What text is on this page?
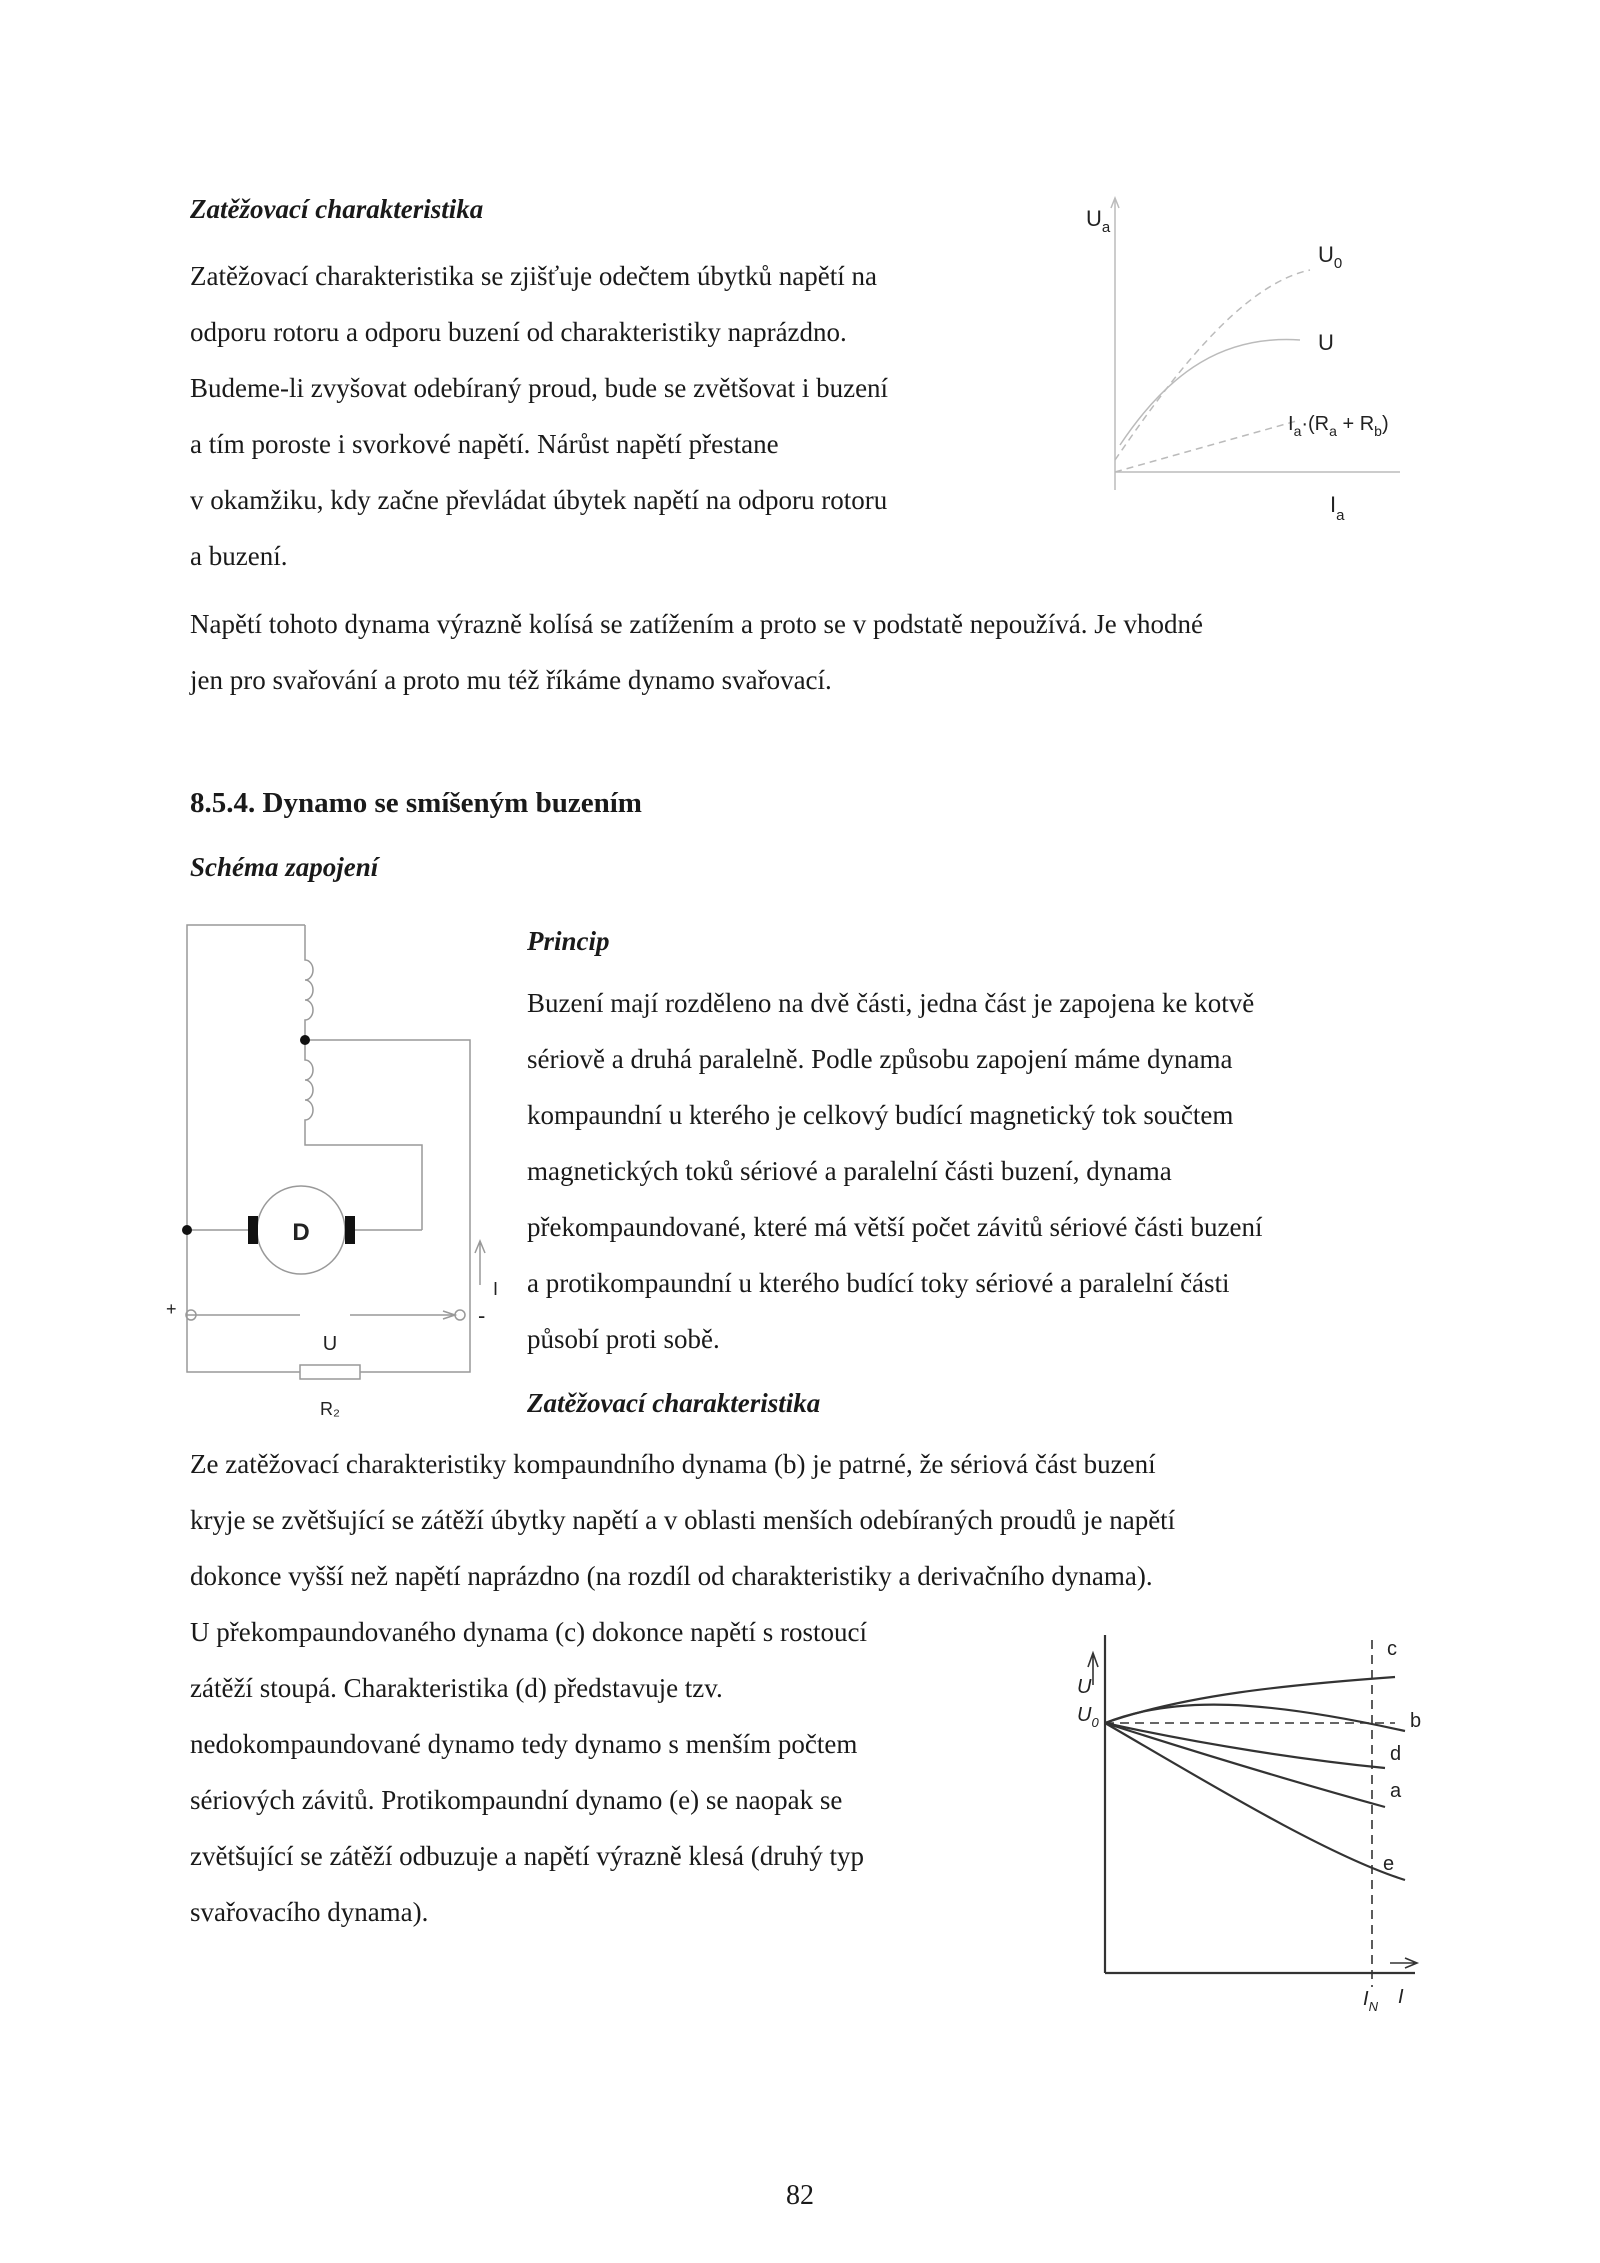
Zatěžovací charakteristika
Zatěžovací charakteristika se zjišťuje odečtem úbytků napětí na
odporu rotoru a odporu buzení od charakteristiky naprázdno.
Budeme-li zvyšovat odebíraný proud, bude se zvětšovat i buzení
a tím poroste i svorkové napětí. Nárůst napětí přestane
v okamžiku, kdy začne převládat úbytek napětí na odporu rotoru
a buzení.
Napětí tohoto dynama výrazně kolísá se zatížením a proto se v podstatě nepoužívá. Je vhodné
jen pro svařování a proto mu též říkáme dynamo svařovací.
$U_a$
$U_0$
U
$I_a\cdot(R_a + R_b)$
$I_a$
8.5.4. Dynamo se smíšeným buzením
Schéma zapojení
D
U
I
+	-
R₂
Princip
Buzení mají rozděleno na dvě části, jedna část je zapojena ke kotvě
sériově a druhá paralelně. Podle způsobu zapojení máme dynama
kompaundní u kterého je celkový budící magnetický tok součtem
magnetických toků sériové a paralelní části buzení, dynama
překompaundované, které má větší počet závitů sériové části buzení
a protikompaundní u kterého budící toky sériové a paralelní části
působí proti sobě.
Zatěžovací charakteristika
Ze zatěžovací charakteristiky kompaundního dynama (b) je patrné, že sériová část buzení
kryje se zvětšující se zátěží úbytky napětí a v oblasti menších odebíraných proudů je napětí
dokonce vyšší než napětí naprázdno (na rozdíl od charakteristiky a derivačního dynama).
U překompaundovaného dynama (c) dokonce napětí s rostoucí
zátěží stoupá. Charakteristika (d) představuje tzv.
nedokompaundované dynamo tedy dynamo s menším počtem
sériových závitů. Protikompaundní dynamo (e) se naopak se
zvětšující se zátěží odbuzuje a napětí výrazně klesá (druhý typ
svařovacího dynama).
U
$U_0$
c
b
d
a
e
$I_N$ I
82
